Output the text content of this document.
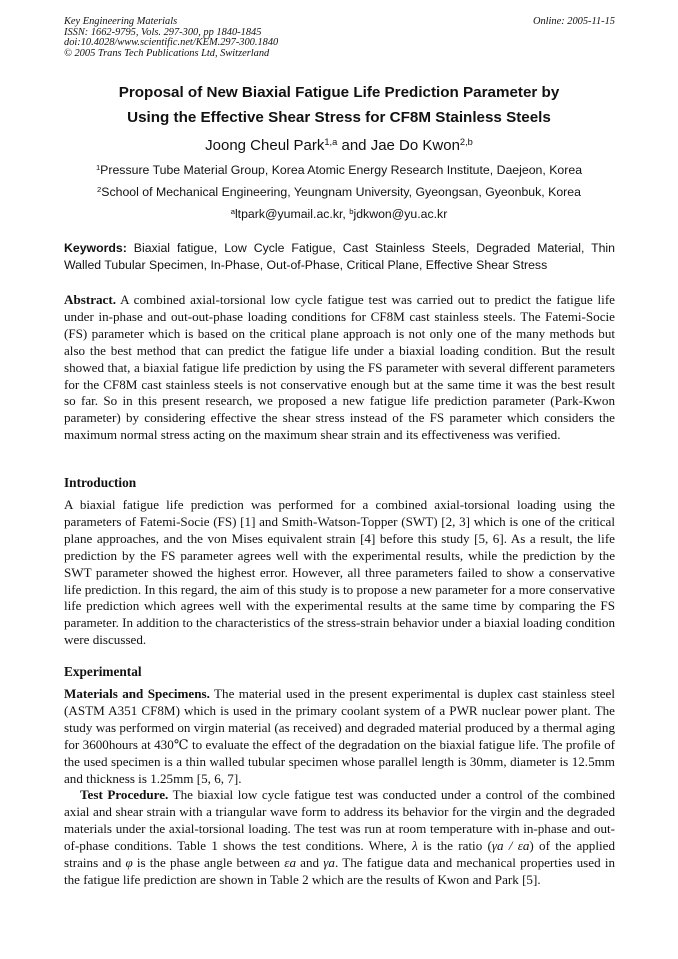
Key Engineering Materials
ISSN: 1662-9795, Vols. 297-300, pp 1840-1845
doi:10.4028/www.scientific.net/KEM.297-300.1840
© 2005 Trans Tech Publications Ltd, Switzerland
Online: 2005-11-15
Proposal of New Biaxial Fatigue Life Prediction Parameter by
Using the Effective Shear Stress for CF8M Stainless Steels
Joong Cheul Park$^{1,a}$ and Jae Do Kwon$^{2,b}$
$^1$Pressure Tube Material Group, Korea Atomic Energy Research Institute, Daejeon, Korea
$^2$School of Mechanical Engineering, Yeungnam University, Gyeongsan, Gyeonbuk, Korea
$^a$ltpark@yumail.ac.kr, $^b$jdkwon@yu.ac.kr
Keywords: Biaxial fatigue, Low Cycle Fatigue, Cast Stainless Steels, Degraded Material, Thin Walled Tubular Specimen, In-Phase, Out-of-Phase, Critical Plane, Effective Shear Stress
Abstract. A combined axial-torsional low cycle fatigue test was carried out to predict the fatigue life under in-phase and out-out-phase loading conditions for CF8M cast stainless steels. The Fatemi-Socie (FS) parameter which is based on the critical plane approach is not only one of the many methods but also the best method that can predict the fatigue life under a biaxial loading condition. But the result showed that, a biaxial fatigue life prediction by using the FS parameter with several different parameters for the CF8M cast stainless steels is not conservative enough but at the same time it was the best result so far. So in this present research, we proposed a new fatigue life prediction parameter (Park-Kwon parameter) by considering effective the shear stress instead of the FS parameter which considers the maximum normal stress acting on the maximum shear strain and its effectiveness was verified.
Introduction
A biaxial fatigue life prediction was performed for a combined axial-torsional loading using the parameters of Fatemi-Socie (FS) [1] and Smith-Watson-Topper (SWT) [2, 3] which is one of the critical plane approaches, and the von Mises equivalent strain [4] before this study [5, 6]. As a result, the life prediction by the FS parameter agrees well with the experimental results, while the prediction by the SWT parameter showed the highest error. However, all three parameters failed to show a conservative life prediction. In this regard, the aim of this study is to propose a new parameter for a more conservative life prediction which agrees well with the experimental results at the same time by comparing the FS parameter. In addition to the characteristics of the stress-strain behavior under a biaxial loading condition were discussed.
Experimental
Materials and Specimens. The material used in the present experimental is duplex cast stainless steel (ASTM A351 CF8M) which is used in the primary coolant system of a PWR nuclear power plant. The study was performed on virgin material (as received) and degraded material produced by a thermal aging for 3600hours at 430℃ to evaluate the effect of the degradation on the biaxial fatigue life. The profile of the used specimen is a thin walled tubular specimen whose parallel length is 30mm, diameter is 12.5mm and thickness is 1.25mm [5, 6, 7].
Test Procedure. The biaxial low cycle fatigue test was conducted under a control of the combined axial and shear strain with a triangular wave form to address its behavior for the virgin and the degraded materials under the axial-torsional loading. The test was run at room temperature with in-phase and out-of-phase conditions. Table 1 shows the test conditions. Where, λ is the ratio (γa / εa) of the applied strains and φ is the phase angle between εa and γa. The fatigue data and mechanical properties used in the fatigue life prediction are shown in Table 2 which are the results of Kwon and Park [5].
